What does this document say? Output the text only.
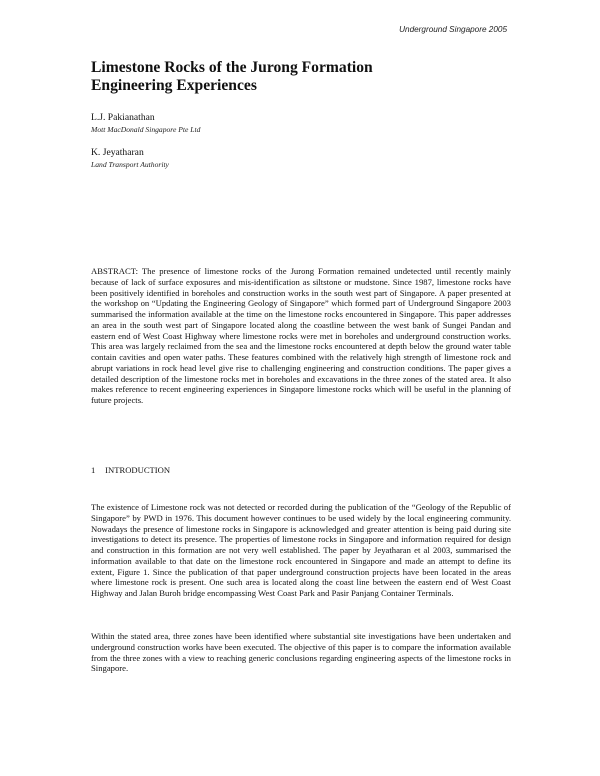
Underground Singapore 2005
Limestone Rocks of the Jurong Formation
Engineering Experiences
L.J. Pakianathan
Mott MacDonald Singapore Pte Ltd
K. Jeyatharan
Land Transport Authority
ABSTRACT: The presence of limestone rocks of the Jurong Formation remained undetected until recently mainly because of lack of surface exposures and mis-identification as siltstone or mudstone. Since 1987, limestone rocks have been positively identified in boreholes and construction works in the south west part of Singapore. A paper presented at the workshop on “Updating the Engineering Geology of Singapore” which formed part of Underground Singapore 2003 summarised the information available at the time on the limestone rocks encountered in Singapore. This paper addresses an area in the south west part of Singapore located along the coastline between the west bank of Sungei Pandan and eastern end of West Coast Highway where limestone rocks were met in boreholes and underground construction works. This area was largely reclaimed from the sea and the limestone rocks encountered at depth below the ground water table contain cavities and open water paths. These features combined with the relatively high strength of limestone rock and abrupt variations in rock head level give rise to challenging engineering and construction conditions. The paper gives a detailed description of the limestone rocks met in boreholes and excavations in the three zones of the stated area. It also makes reference to recent engineering experiences in Singapore limestone rocks which will be useful in the planning of future projects.
1 INTRODUCTION
The existence of Limestone rock was not detected or recorded during the publication of the “Geology of the Republic of Singapore” by PWD in 1976. This document however continues to be used widely by the local engineering community. Nowadays the presence of limestone rocks in Singapore is acknowledged and greater attention is being paid during site investigations to detect its presence. The properties of limestone rocks in Singapore and information required for design and construction in this formation are not very well established. The paper by Jeyatharan et al 2003, summarised the information available to that date on the limestone rock encountered in Singapore and made an attempt to define its extent, Figure 1. Since the publication of that paper underground construction projects have been located in the areas where limestone rock is present. One such area is located along the coast line between the eastern end of West Coast Highway and Jalan Buroh bridge encompassing West Coast Park and Pasir Panjang Container Terminals.
Within the stated area, three zones have been identified where substantial site investigations have been undertaken and underground construction works have been executed. The objective of this paper is to compare the information available from the three zones with a view to reaching generic conclusions regarding engineering aspects of the limestone rocks in Singapore.
